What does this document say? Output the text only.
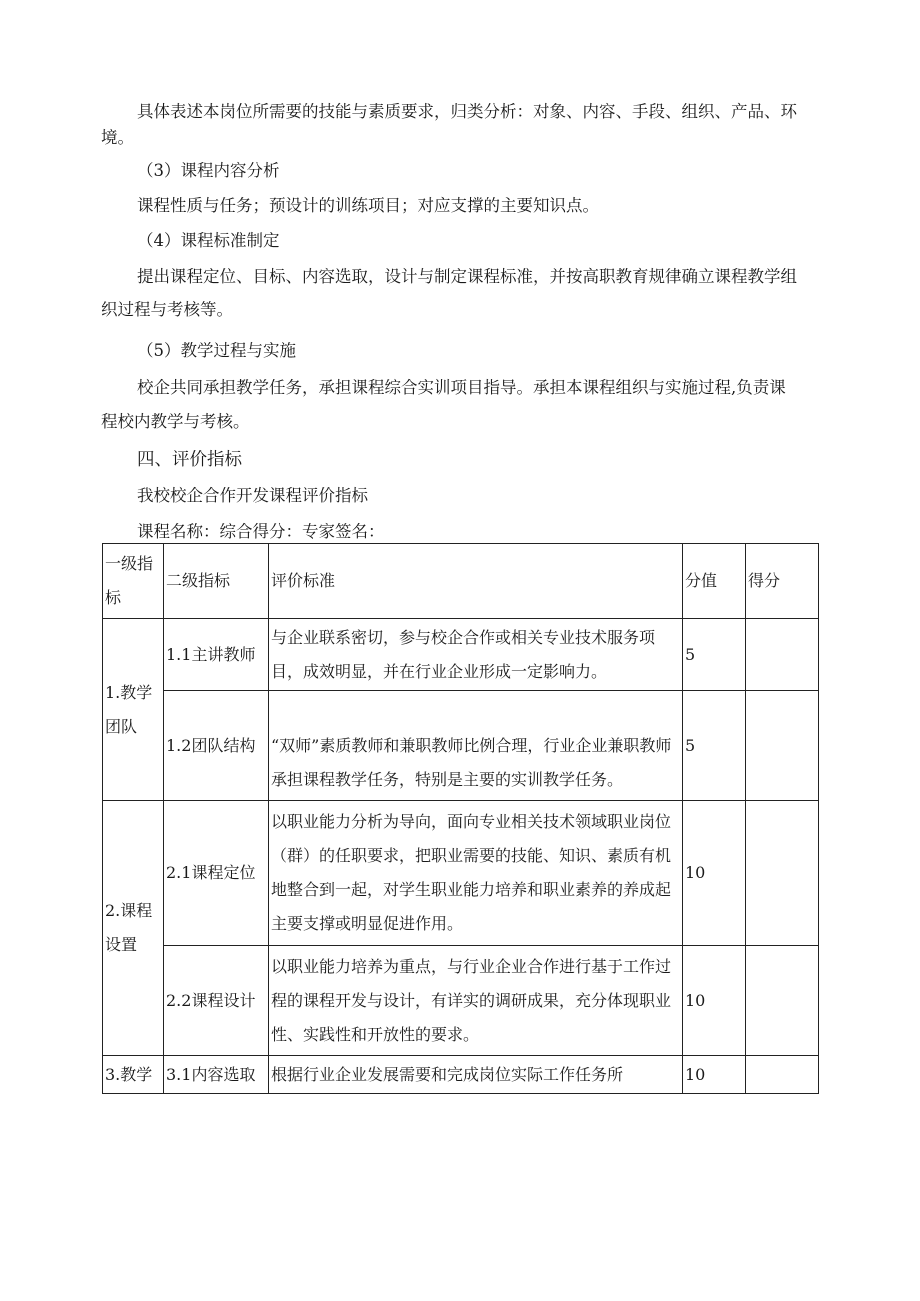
具体表述本岗位所需要的技能与素质要求，归类分析：对象、内容、手段、组织、产品、环
境。
（3）课程内容分析
课程性质与任务；预设计的训练项目；对应支撑的主要知识点。
（4）课程标准制定
提出课程定位、目标、内容选取，设计与制定课程标准，并按高职教育规律确立课程教学组
织过程与考核等。
（5）教学过程与实施
校企共同承担教学任务，承担课程综合实训项目指导。承担本课程组织与实施过程,负责课
程校内教学与考核。
四、评价指标
我校校企合作开发课程评价指标
课程名称：综合得分：专家签名：
一级指标	二级指标	评价标准	分值	得分
1.教学团队	1.1主讲教师	与企业联系密切，参与校企合作或相关专业技术服务项目，成效明显，并在行业企业形成一定影响力。	5	
	1.2团队结构	“双师”素质教师和兼职教师比例合理，行业企业兼职教师承担课程教学任务，特别是主要的实训教学任务。	5	
2.课程设置	2.1课程定位	以职业能力分析为导向，面向专业相关技术领域职业岗位（群）的任职要求，把职业需要的技能、知识、素质有机地整合到一起，对学生职业能力培养和职业素养的养成起主要支撑或明显促进作用。	10	
	2.2课程设计	以职业能力培养为重点，与行业企业合作进行基于工作过程的课程开发与设计，有详实的调研成果，充分体现职业性、实践性和开放性的要求。	10	
3.教学	3.1内容选取	根据行业企业发展需要和完成岗位实际工作任务所	10	
